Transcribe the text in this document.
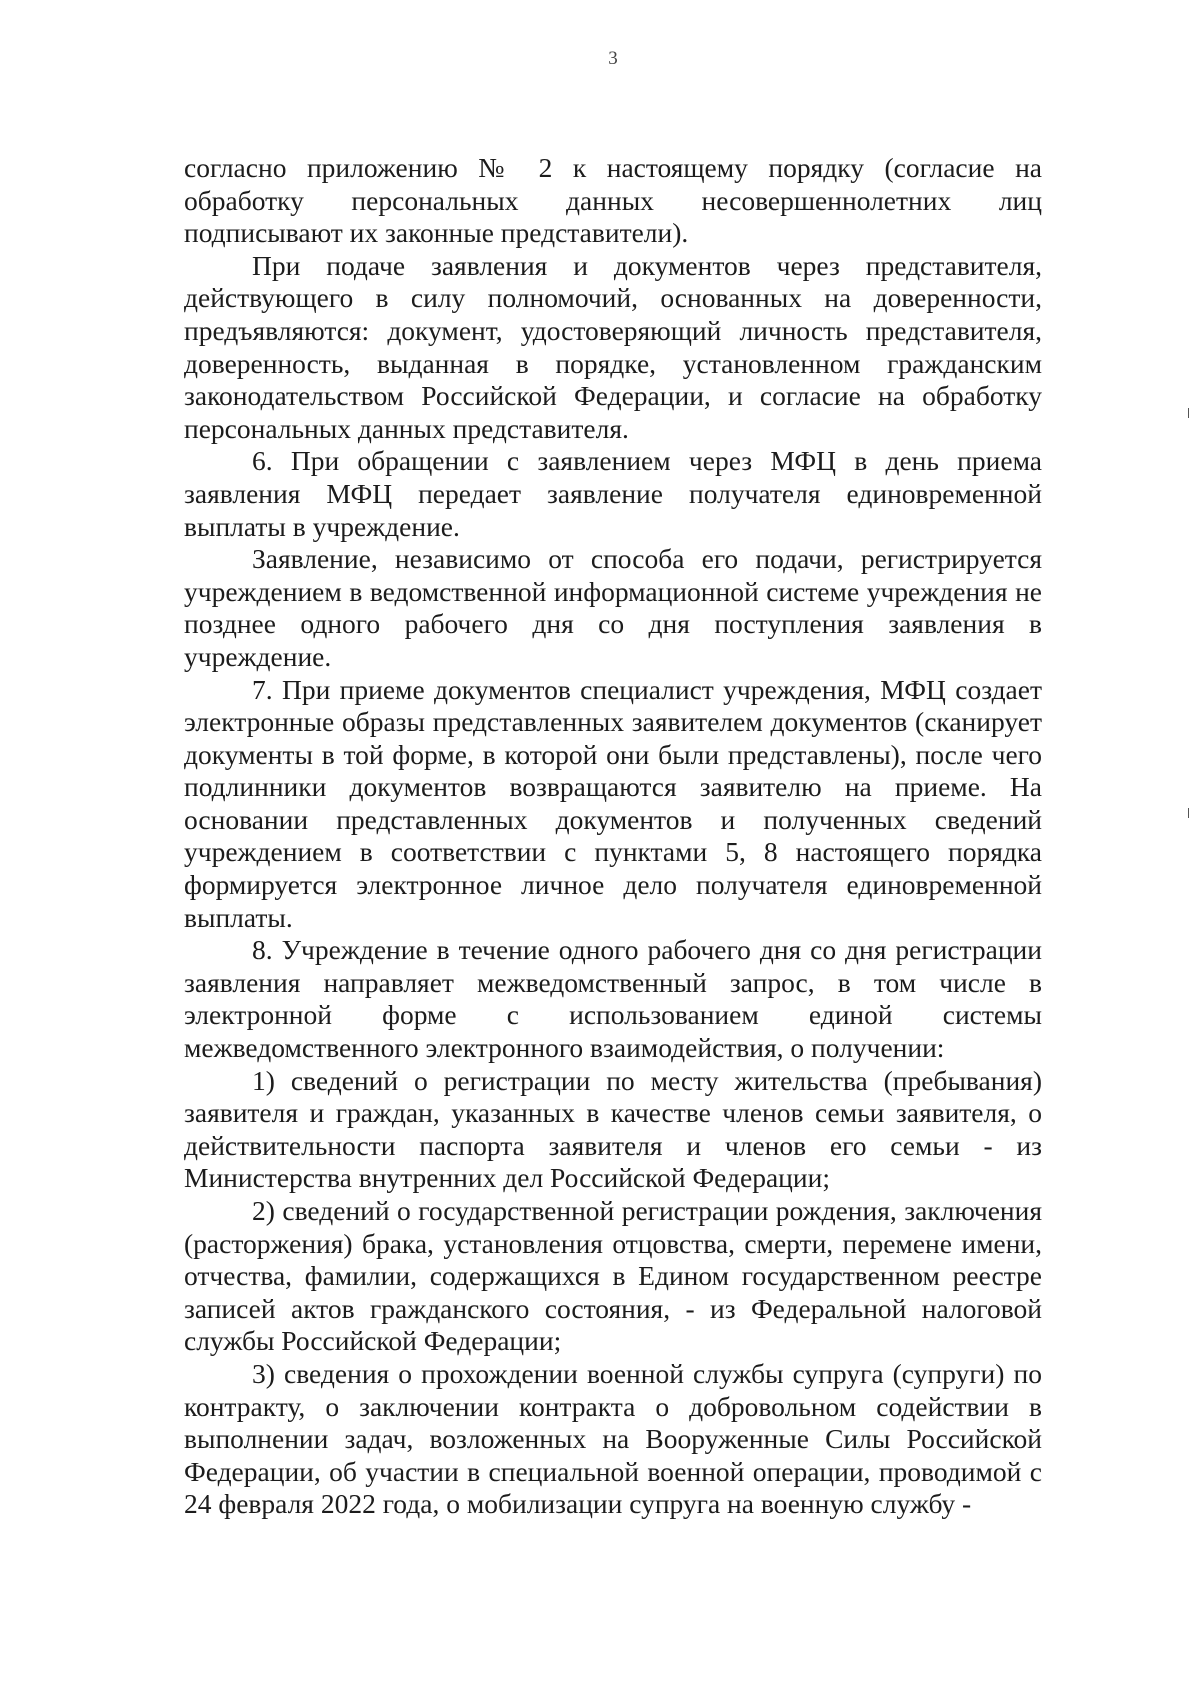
3

согласно приложению № 2 к настоящему порядку (согласие на обработку персональных данных несовершеннолетних лиц подписывают их законные представители).

При подаче заявления и документов через представителя, действующего в силу полномочий, основанных на доверенности, предъявляются: документ, удостоверяющий личность представителя, доверенность, выданная в порядке, установленном гражданским законодательством Российской Федерации, и согласие на обработку персональных данных представителя.

6. При обращении с заявлением через МФЦ в день приема заявления МФЦ передает заявление получателя единовременной выплаты в учреждение.

Заявление, независимо от способа его подачи, регистрируется учреждением в ведомственной информационной системе учреждения не позднее одного рабочего дня со дня поступления заявления в учреждение.

7. При приеме документов специалист учреждения, МФЦ создает электронные образы представленных заявителем документов (сканирует документы в той форме, в которой они были представлены), после чего подлинники документов возвращаются заявителю на приеме. На основании представленных документов и полученных сведений учреждением в соответствии с пунктами 5, 8 настоящего порядка формируется электронное личное дело получателя единовременной выплаты.

8. Учреждение в течение одного рабочего дня со дня регистрации заявления направляет межведомственный запрос, в том числе в электронной форме с использованием единой системы межведомственного электронного взаимодействия, о получении:

1) сведений о регистрации по месту жительства (пребывания) заявителя и граждан, указанных в качестве членов семьи заявителя, о действительности паспорта заявителя и членов его семьи - из Министерства внутренних дел Российской Федерации;

2) сведений о государственной регистрации рождения, заключения (расторжения) брака, установления отцовства, смерти, перемене имени, отчества, фамилии, содержащихся в Едином государственном реестре записей актов гражданского состояния, - из Федеральной налоговой службы Российской Федерации;

3) сведения о прохождении военной службы супруга (супруги) по контракту, о заключении контракта о добровольном содействии в выполнении задач, возложенных на Вооруженные Силы Российской Федерации, об участии в специальной военной операции, проводимой с 24 февраля 2022 года, о мобилизации супруга на военную службу -
